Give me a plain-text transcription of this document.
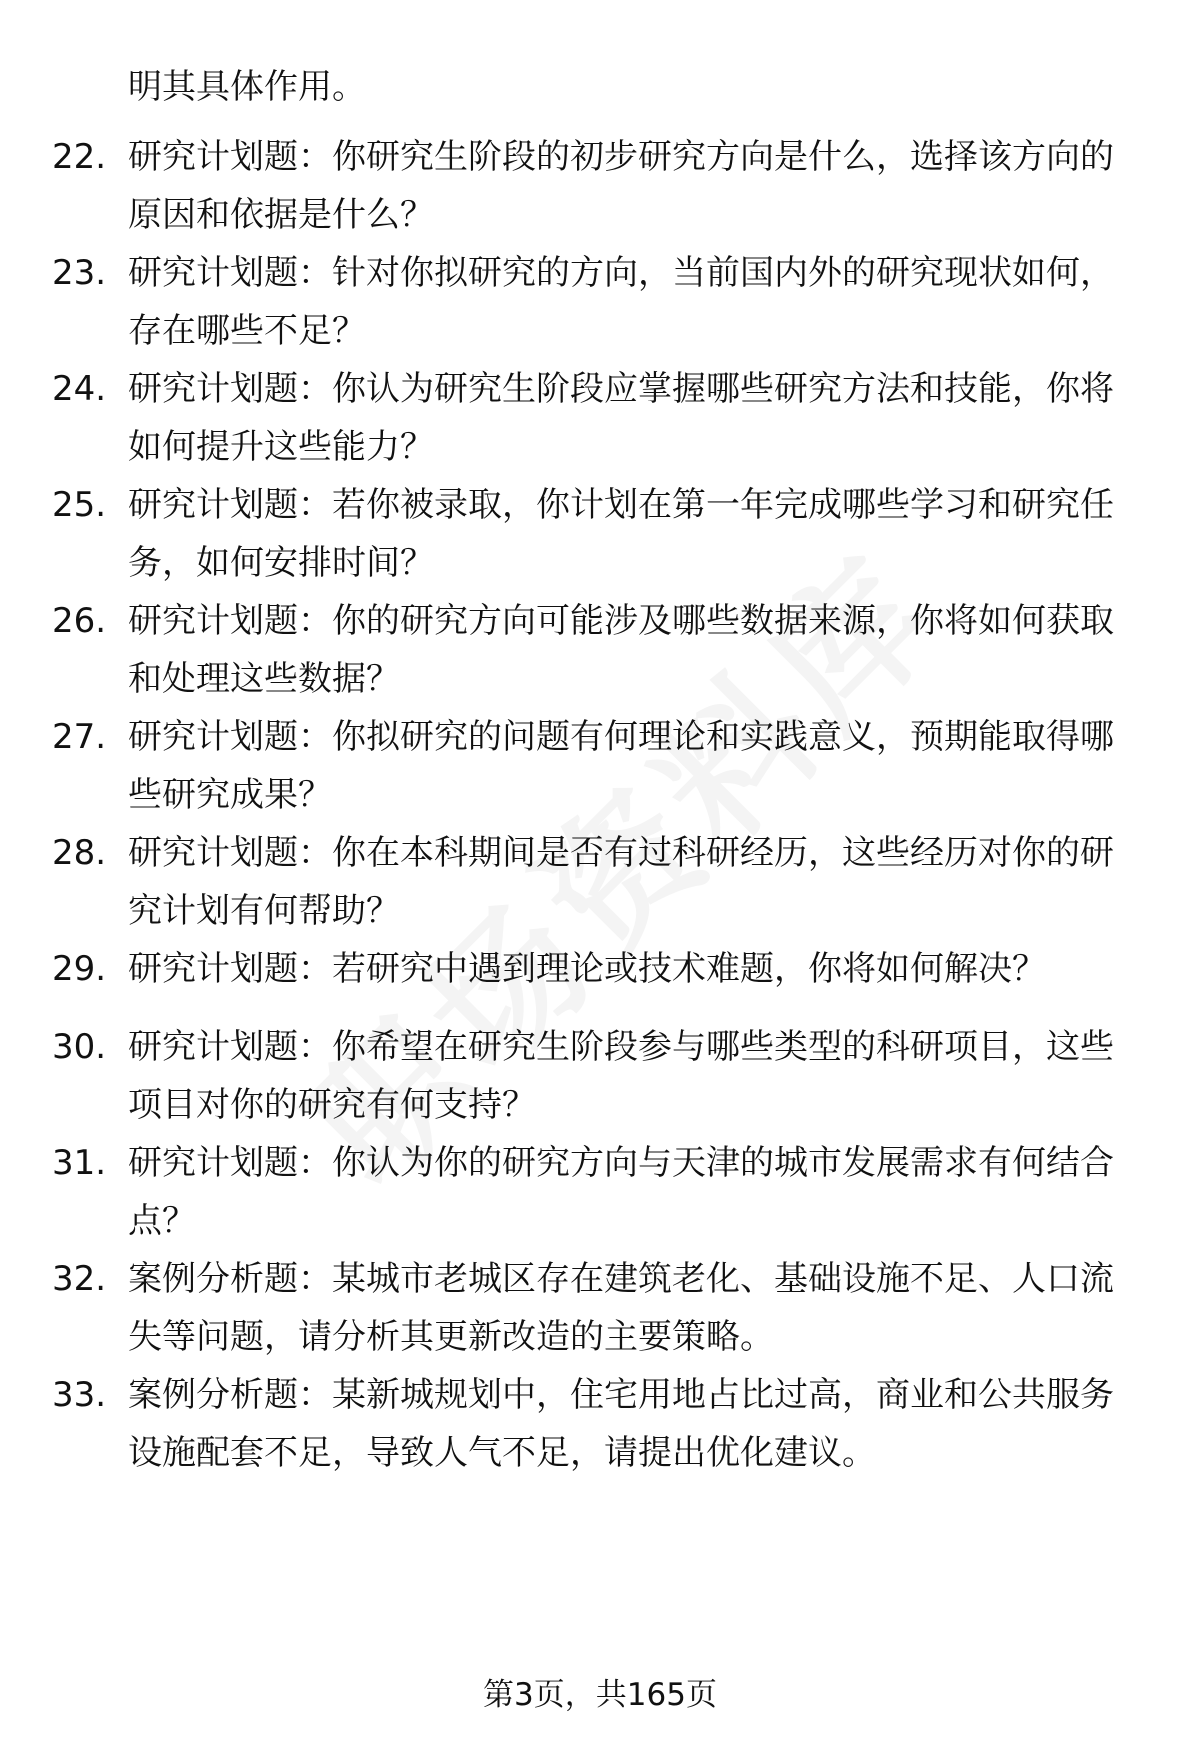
明其具体作用。
22. 研究计划题：你研究生阶段的初步研究方向是什么，选择该方向的原因和依据是什么？
23. 研究计划题：针对你拟研究的方向，当前国内外的研究现状如何，存在哪些不足？
24. 研究计划题：你认为研究生阶段应掌握哪些研究方法和技能，你将如何提升这些能力？
25. 研究计划题：若你被录取，你计划在第一年完成哪些学习和研究任务，如何安排时间？
26. 研究计划题：你的研究方向可能涉及哪些数据来源，你将如何获取和处理这些数据？
27. 研究计划题：你拟研究的问题有何理论和实践意义，预期能取得哪些研究成果？
28. 研究计划题：你在本科期间是否有过科研经历，这些经历对你的研究计划有何帮助？
29. 研究计划题：若研究中遇到理论或技术难题，你将如何解决？
30. 研究计划题：你希望在研究生阶段参与哪些类型的科研项目，这些项目对你的研究有何支持？
31. 研究计划题：你认为你的研究方向与天津的城市发展需求有何结合点？
32. 案例分析题：某城市老城区存在建筑老化、基础设施不足、人口流失等问题，请分析其更新改造的主要策略。
33. 案例分析题：某新城规划中，住宅用地占比过高，商业和公共服务设施配套不足，导致人气不足，请提出优化建议。
第3页，共165页
